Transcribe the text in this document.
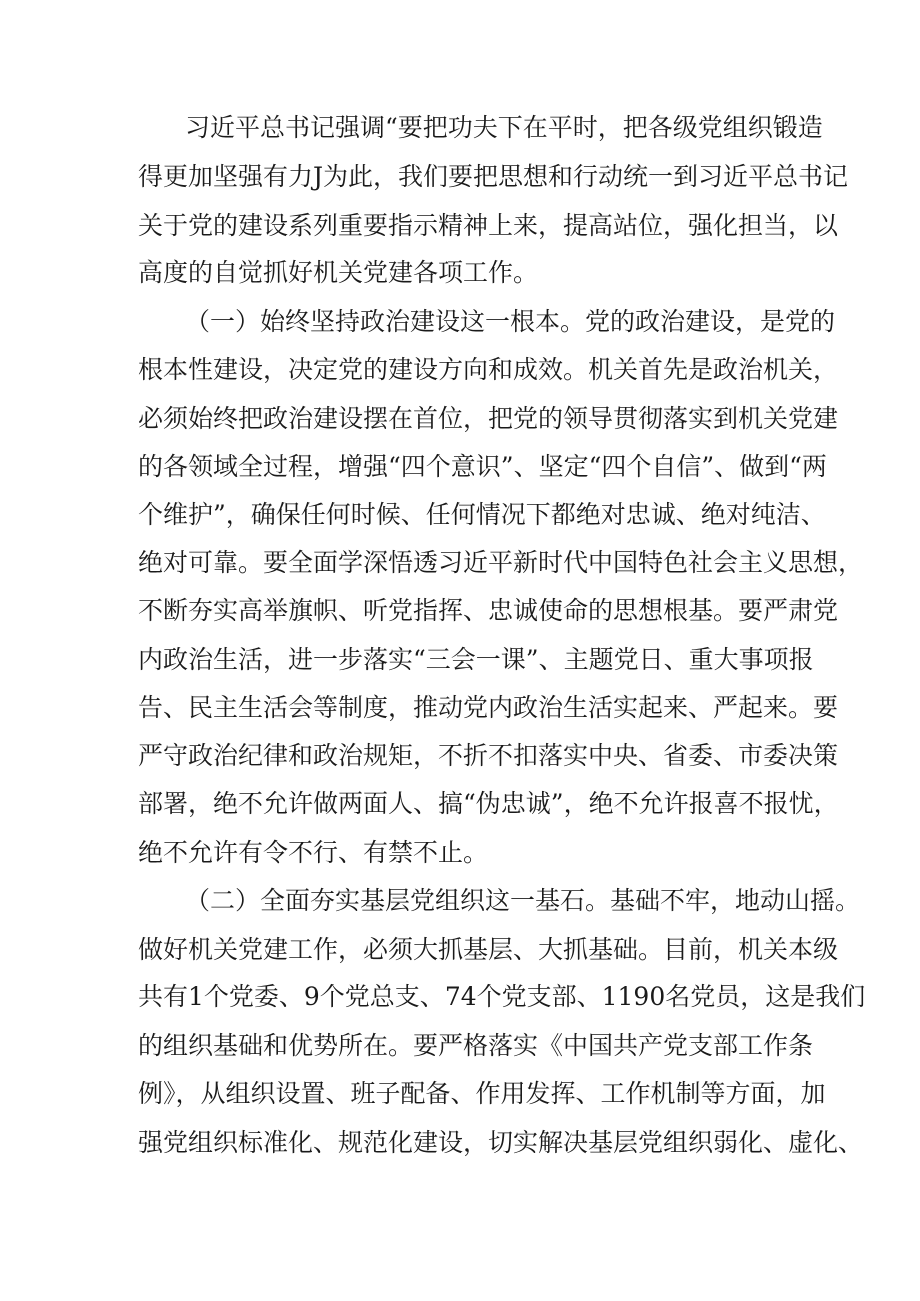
习近平总书记强调“要把功夫下在平时，把各级党组织锻造
得更加坚强有力J为此，我们要把思想和行动统一到习近平总书记
关于党的建设系列重要指示精神上来，提高站位，强化担当，以
高度的自觉抓好机关党建各项工作。
（一）始终坚持政治建设这一根本。党的政治建设，是党的
根本性建设，决定党的建设方向和成效。机关首先是政治机关，
必须始终把政治建设摆在首位，把党的领导贯彻落实到机关党建
的各领域全过程，增强“四个意识”、坚定“四个自信”、做到“两
个维护”，确保任何时候、任何情况下都绝对忠诚、绝对纯洁、
绝对可靠。要全面学深悟透习近平新时代中国特色社会主义思想，
不断夯实高举旗帜、听党指挥、忠诚使命的思想根基。要严肃党
内政治生活，进一步落实“三会一课”、主题党日、重大事项报
告、民主生活会等制度，推动党内政治生活实起来、严起来。要
严守政治纪律和政治规矩，不折不扣落实中央、省委、市委决策
部署，绝不允许做两面人、搞“伪忠诚”，绝不允许报喜不报忧，
绝不允许有令不行、有禁不止。
（二）全面夯实基层党组织这一基石。基础不牢，地动山摇。
做好机关党建工作，必须大抓基层、大抓基础。目前，机关本级
共有1个党委、9个党总支、74个党支部、1190名党员，这是我们
的组织基础和优势所在。要严格落实《中国共产党支部工作条
例》，从组织设置、班子配备、作用发挥、工作机制等方面，加
强党组织标准化、规范化建设，切实解决基层党组织弱化、虚化、
